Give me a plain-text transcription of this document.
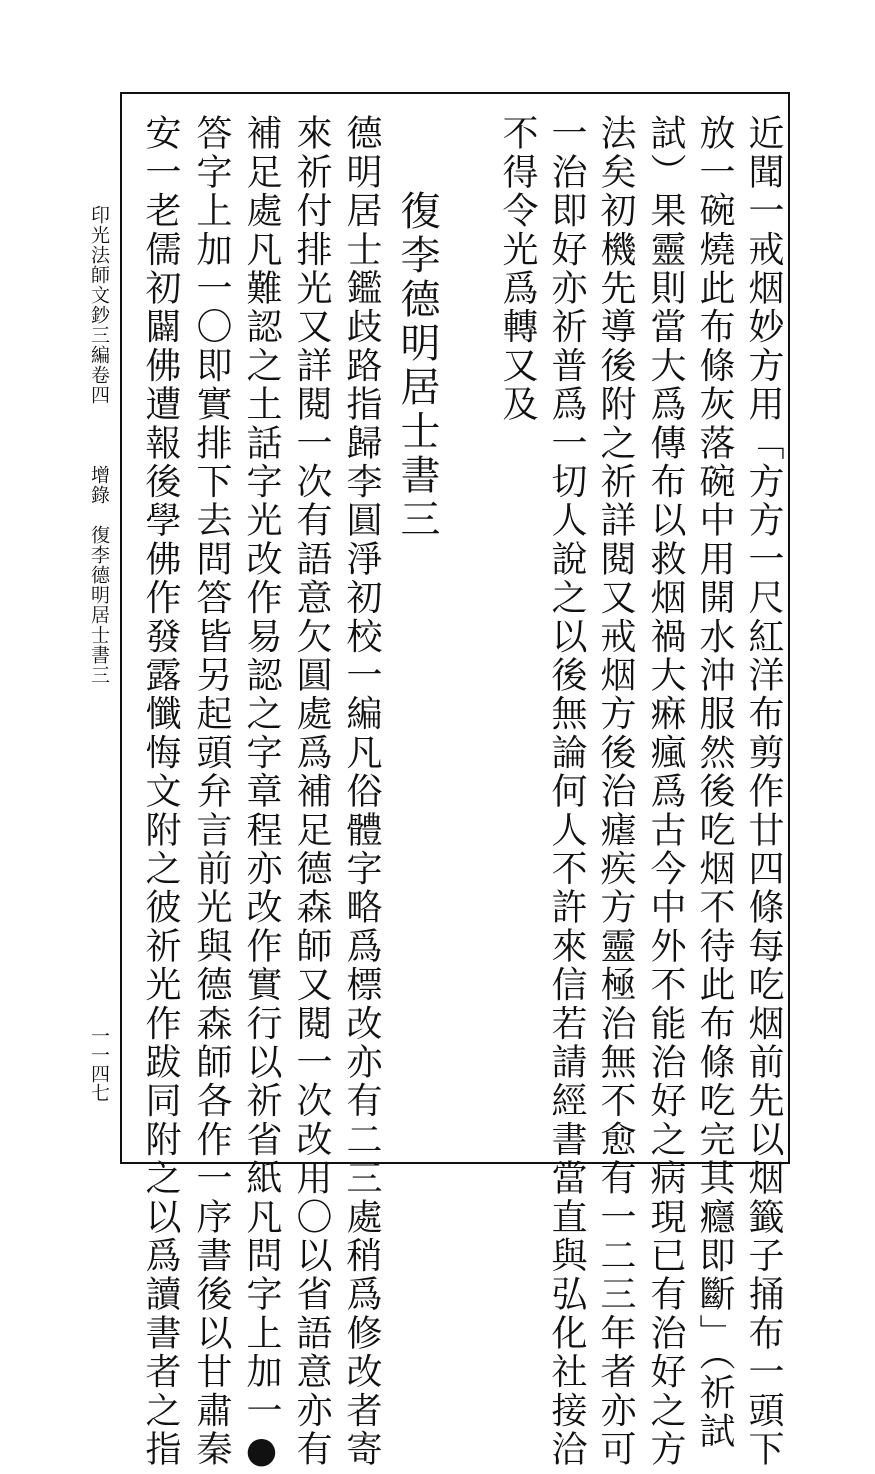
印光法師文鈔三編卷四　　　增錄　復李德明居士書三
一一四七	近聞一戒烟妙方用「方方一尺紅洋布剪作廿四條每吃烟前先以烟籤子捅布一頭下
放一碗燒此布條灰落碗中用開水沖服然後吃烟不待此布條吃完其癮即斷」（祈試
試）果靈則當大爲傳布以救烟禍大痳瘋爲古今中外不能治好之病現已有治好之方
法矣初機先導後附之祈詳閱又戒烟方後治瘧疾方靈極治無不愈有一二三年者亦可
一治即好亦祈普爲一切人說之以後無論何人不許來信若請經書當直與弘化社接洽
不得令光爲轉又及
復李德明居士書三
德明居士鑑歧路指歸李圓淨初校一編凡俗體字略爲標改亦有二三處稍爲修改者寄
來祈付排光又詳閱一次有語意欠圓處爲補足德森師又閱一次改用〇以省語意亦有
補足處凡難認之土話字光改作易認之字章程亦改作實行以祈省紙凡問字上加一●
答字上加一〇即實排下去問答皆另起頭弁言前光與德森師各作一序書後以甘肅秦
安一老儒初闢佛遭報後學佛作發露懺悔文附之彼祈光作跋同附之以爲讀書者之指
